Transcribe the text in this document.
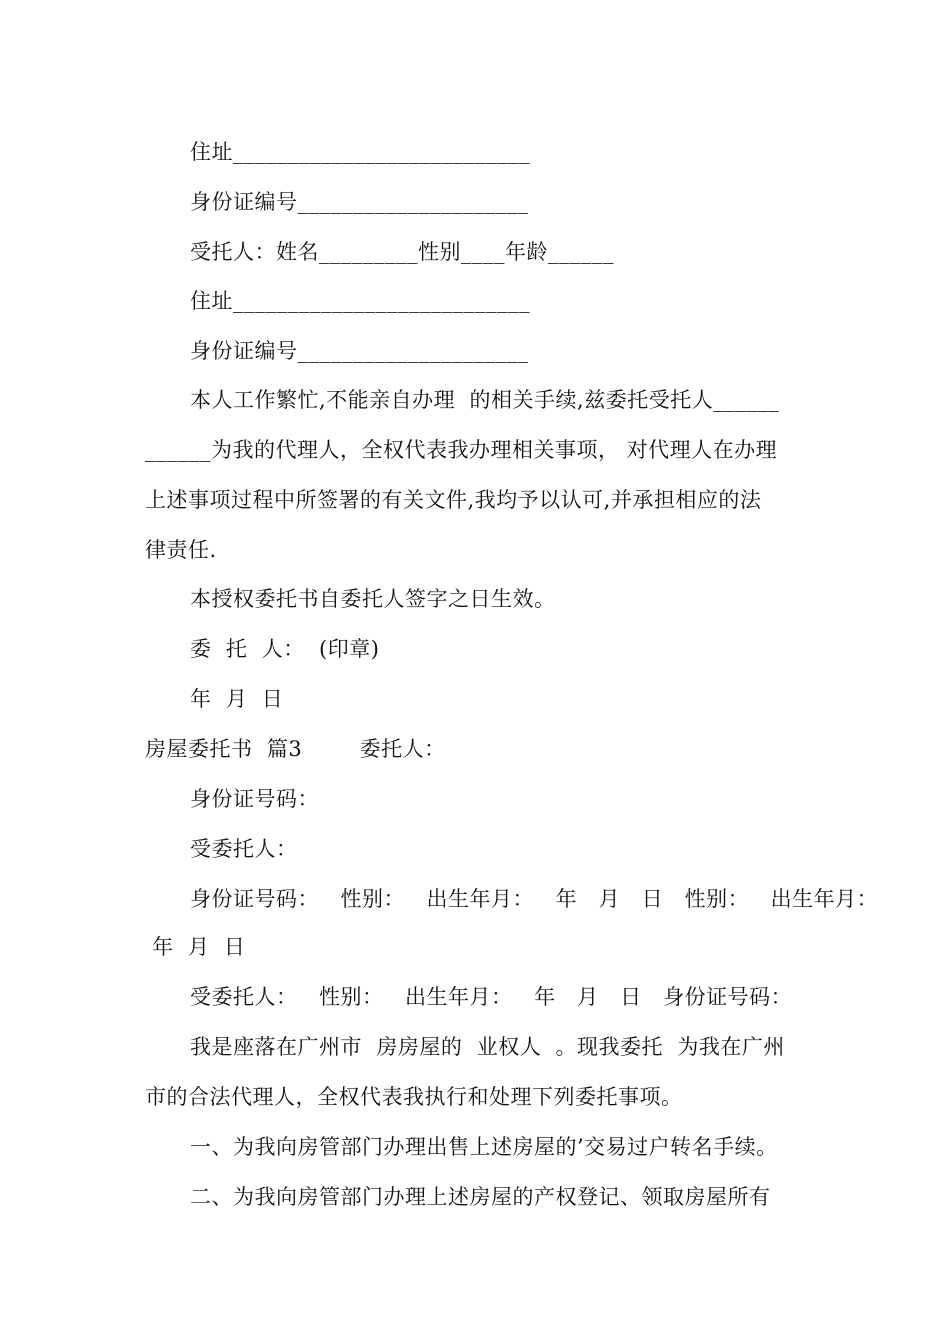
住址___________________________
身份证编号_____________________
受托人：姓名_________性别____年龄______
住址___________________________
身份证编号_____________________
本人工作繁忙,不能亲自办理  的相关手续,兹委托受托人______
______为我的代理人，全权代表我办理相关事项， 对代理人在办理
上述事项过程中所签署的有关文件,我均予以认可,并承担相应的法
律责任.
本授权委托书自委托人签字之日生效。
委  托  人：  (印章)
年  月  日
房屋委托书  篇3        委托人：
身份证号码：
受委托人：
身份证号码：   性别：   出生年月：   年   月   日   性别：   出生年月：
年  月  日
受委托人：   性别：   出生年月：   年   月   日   身份证号码：
我是座落在广州市  房房屋的  业权人  。现我委托  为我在广州
市的合法代理人，全权代表我执行和处理下列委托事项。
一、为我向房管部门办理出售上述房屋的’交易过户转名手续。
二、为我向房管部门办理上述房屋的产权登记、领取房屋所有
